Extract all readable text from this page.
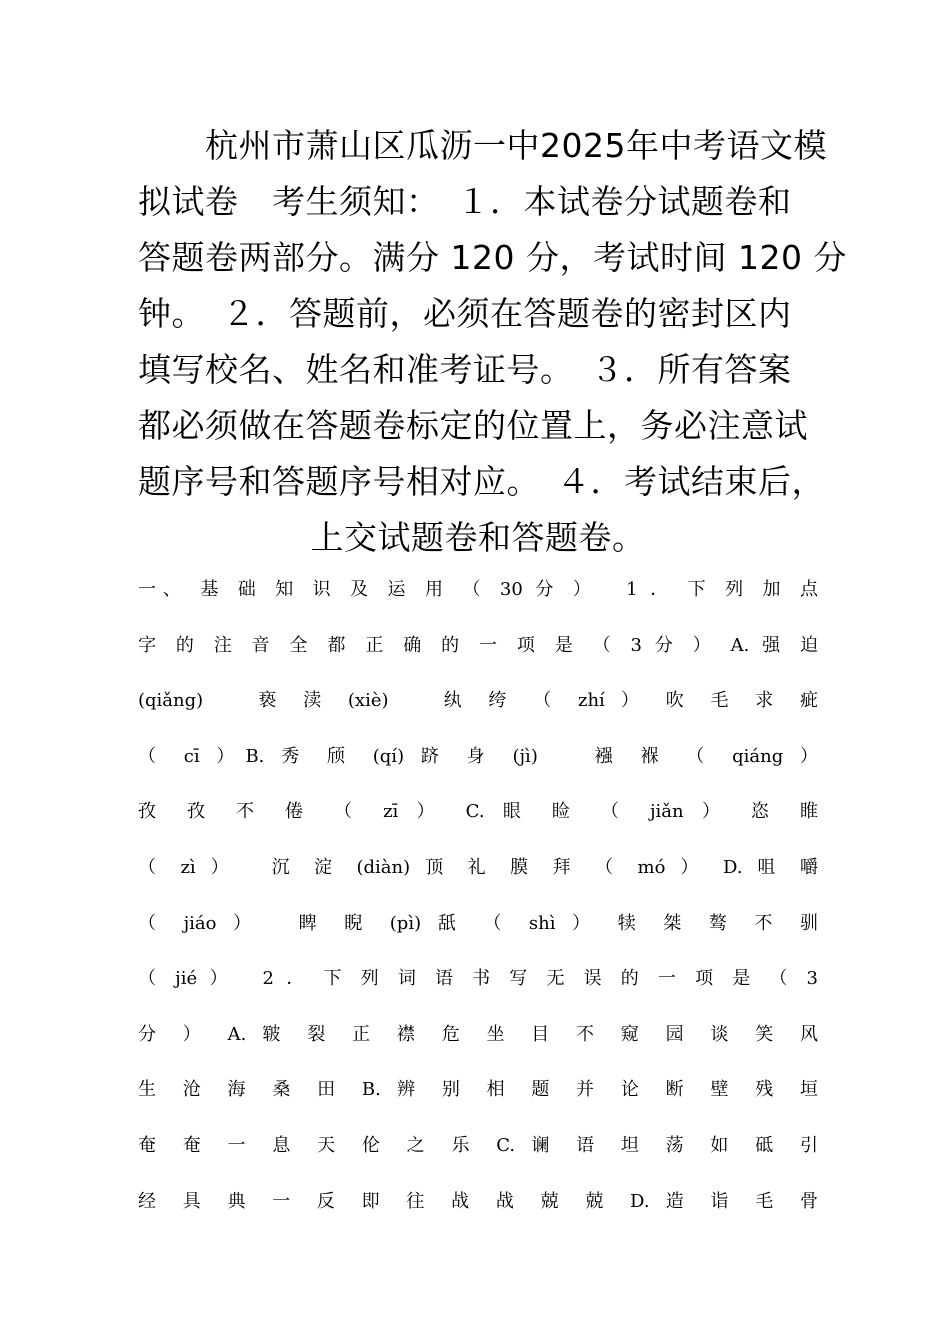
　　杭州市萧山区瓜沥一中2025年中考语文模
拟试卷　考生须知：　１．本试卷分试题卷和
答题卷两部分。满分 120 分，考试时间 120 分
钟。　２．答题前，必须在答题卷的密封区内
填写校名、姓名和准考证号。　３．所有答案
都必须做在答题卷标定的位置上，务必注意试
题序号和答题序号相对应。　４．考试结束后，
上交试题卷和答题卷。
一、 基 础 知 识 及 运 用 （ 30 分 ）　 1 ． 下 列 加 点
字 的 注 音 全 都 正 确 的 一 项 是 （ 3 分 ） A. 强 迫
(qiǎng)　 亵 渎 (xiè)　 纨 绔 （ zhí ） 吹 毛 求 疵
（ cī ）B. 秀 颀 (qí) 跻 身 (jì)　 襁 褓 （ qiáng ）
孜 孜 不 倦 （ zī ） C. 眼 睑 （ jiǎn ） 恣 睢
（ zì ）　 沉 淀 (diàn) 顶 礼 膜 拜 （ mó ） D. 咀 嚼
（ jiáo ）　 睥 睨 (pì) 舐 （ shì ） 犊 桀 骜 不 驯
（ jié ）　 2 ． 下 列 词 语 书 写 无 误 的 一 项 是 （ 3
分 ） A. 皲 裂 正 襟 危 坐 目 不 窥 园 谈 笑 风
生 沧 海 桑 田 B. 辨 别 相 题 并 论 断 壁 残 垣
奄 奄 一 息 天 伦 之 乐 C. 谰 语 坦 荡 如 砥 引
经 具 典 一 反 即 往 战 战 兢 兢 D. 造 诣 毛 骨
